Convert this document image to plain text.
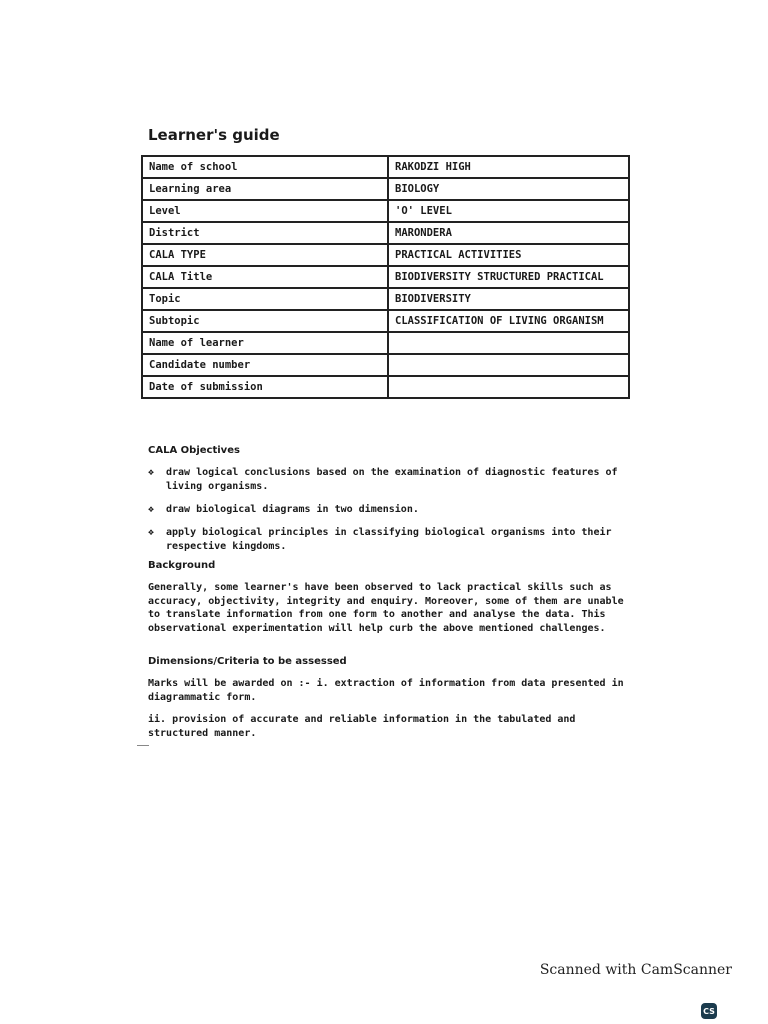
Learner's guide
Name of school	RAKODZI HIGH
Learning area	BIOLOGY
Level	'O' LEVEL
District	MARONDERA
CALA TYPE	PRACTICAL ACTIVITIES
CALA Title	BIODIVERSITY STRUCTURED PRACTICAL
Topic	BIODIVERSITY
Subtopic	CLASSIFICATION OF LIVING ORGANISM
Name of learner	
Candidate number	
Date of submission	
CALA Objectives
❖ draw logical conclusions based on the examination of diagnostic features of living organisms.
❖ draw biological diagrams in two dimension.
❖ apply biological principles in classifying biological organisms into their respective kingdoms.
Background
Generally, some learner's have been observed to lack practical skills such as accuracy, objectivity, integrity and enquiry. Moreover, some of them are unable to translate information from one form to another and analyse the data. This observational experimentation will help curb the above mentioned challenges.
Dimensions/Criteria to be assessed
Marks will be awarded on :- i. extraction of information from data presented in diagrammatic form.
ii. provision of accurate and reliable information in the tabulated and structured manner.
Scanned with CamScanner
CS
